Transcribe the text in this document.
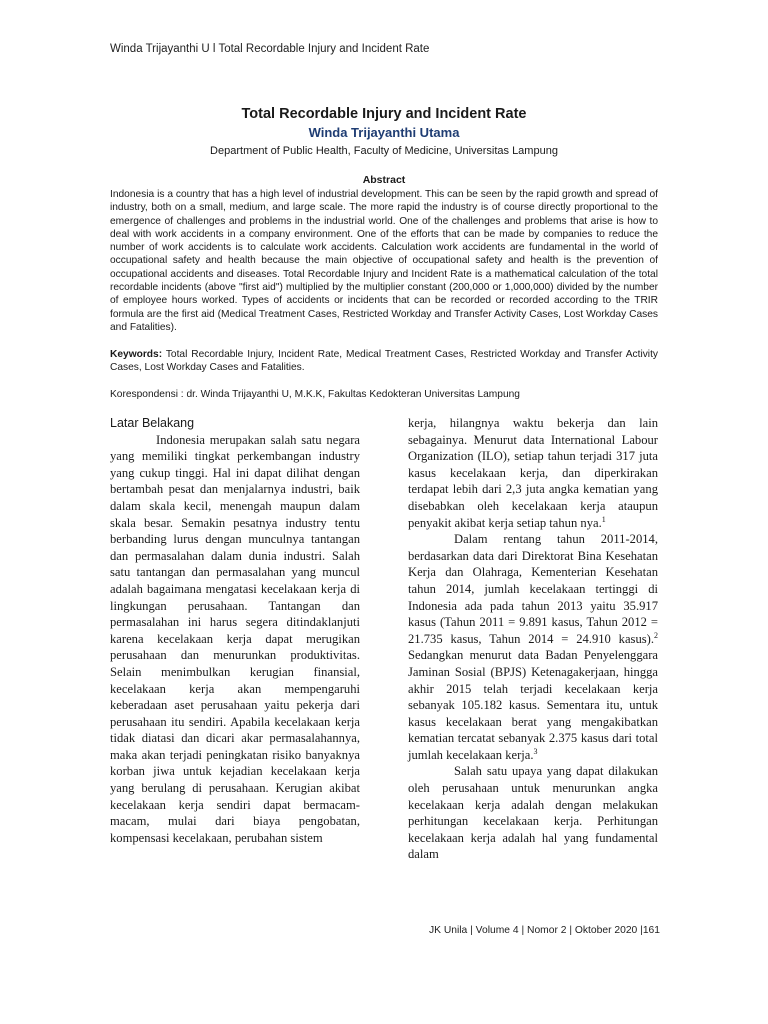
Winda Trijayanthi U l Total Recordable Injury and Incident Rate
Total Recordable Injury and Incident Rate

Winda Trijayanthi Utama

Department of Public Health, Faculty of Medicine, Universitas Lampung

Abstract

Indonesia is a country that has a high level of industrial development. This can be seen by the rapid growth and spread of industry, both on a small, medium, and large scale. The more rapid the industry is of course directly proportional to the emergence of challenges and problems in the industrial world. One of the challenges and problems that arise is how to deal with work accidents in a company environment. One of the efforts that can be made by companies to reduce the number of work accidents is to calculate work accidents. Calculation work accidents are fundamental in the world of occupational safety and health because the main objective of occupational safety and health is the prevention of occupational accidents and diseases. Total Recordable Injury and Incident Rate is a mathematical calculation of the total recordable incidents (above "first aid") multiplied by the multiplier constant (200,000 or 1,000,000) divided by the number of employee hours worked. Types of accidents or incidents that can be recorded or recorded according to the TRIR formula are the first aid (Medical Treatment Cases, Restricted Workday and Transfer Activity Cases, Lost Workday Cases and Fatalities).

Keywords: Total Recordable Injury, Incident Rate, Medical Treatment Cases, Restricted Workday and Transfer Activity Cases, Lost Workday Cases and Fatalities.

Korespondensi : dr. Winda Trijayanthi U, M.K.K, Fakultas Kedokteran Universitas Lampung

Latar Belakang

Indonesia merupakan salah satu negara yang memiliki tingkat perkembangan industry yang cukup tinggi. Hal ini dapat dilihat dengan bertambah pesat dan menjalarnya industri, baik dalam skala kecil, menengah maupun dalam skala besar. Semakin pesatnya industry tentu berbanding lurus dengan munculnya tantangan dan permasalahan dalam dunia industri. Salah satu tantangan dan permasalahan yang muncul adalah bagaimana mengatasi kecelakaan kerja di lingkungan perusahaan. Tantangan dan permasalahan ini harus segera ditindaklanjuti karena kecelakaan kerja dapat merugikan perusahaan dan menurunkan produktivitas. Selain menimbulkan kerugian finansial, kecelakaan kerja akan mempengaruhi keberadaan aset perusahaan yaitu pekerja dari perusahaan itu sendiri. Apabila kecelakaan kerja tidak diatasi dan dicari akar permasalahannya, maka akan terjadi peningkatan risiko banyaknya korban jiwa untuk kejadian kecelakaan kerja yang berulang di perusahaan. Kerugian akibat kecelakaan kerja sendiri dapat bermacam-macam, mulai dari biaya pengobatan, kompensasi kecelakaan, perubahan sistem

kerja, hilangnya waktu bekerja dan lain sebagainya. Menurut data International Labour Organization (ILO), setiap tahun terjadi 317 juta kasus kecelakaan kerja, dan diperkirakan terdapat lebih dari 2,3 juta angka kematian yang disebabkan oleh kecelakaan kerja ataupun penyakit akibat kerja setiap tahun nya.$^1$

Dalam rentang tahun 2011-2014, berdasarkan data dari Direktorat Bina Kesehatan Kerja dan Olahraga, Kementerian Kesehatan tahun 2014, jumlah kecelakaan tertinggi di Indonesia ada pada tahun 2013 yaitu 35.917 kasus (Tahun 2011 = 9.891 kasus, Tahun 2012 = 21.735 kasus, Tahun 2014 = 24.910 kasus).$^2$ Sedangkan menurut data Badan Penyelenggara Jaminan Sosial (BPJS) Ketenagakerjaan, hingga akhir 2015 telah terjadi kecelakaan kerja sebanyak 105.182 kasus. Sementara itu, untuk kasus kecelakaan berat yang mengakibatkan kematian tercatat sebanyak 2.375 kasus dari total jumlah kecelakaan kerja.$^3$

Salah satu upaya yang dapat dilakukan oleh perusahaan untuk menurunkan angka kecelakaan kerja adalah dengan melakukan perhitungan kecelakaan kerja. Perhitungan kecelakaan kerja adalah hal yang fundamental dalam

JK Unila | Volume 4 | Nomor 2 | Oktober 2020 |161
